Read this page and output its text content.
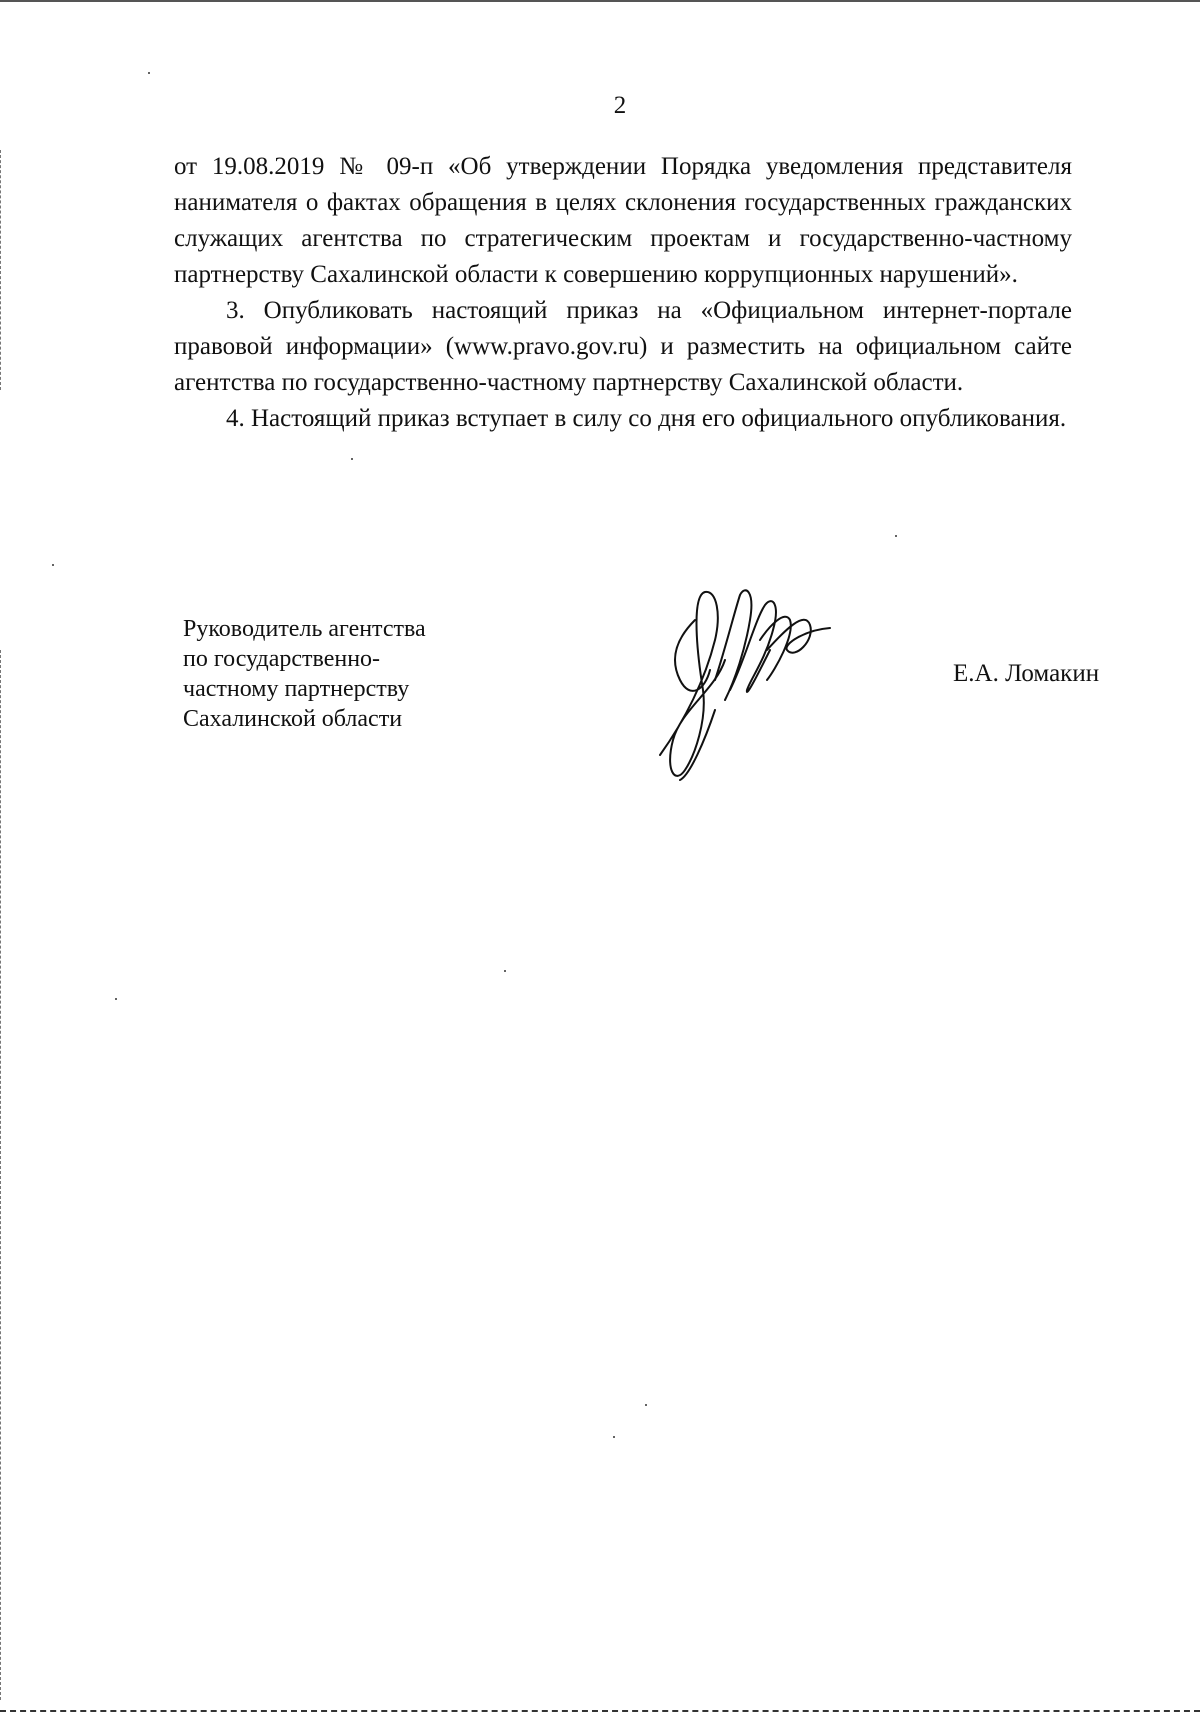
2

от 19.08.2019 № 09-п «Об утверждении Порядка уведомления представителя нанимателя о фактах обращения в целях склонения государственных гражданских служащих агентства по стратегическим проектам и государственно-частному партнерству Сахалинской области к совершению коррупционных нарушений».

3. Опубликовать настоящий приказ на «Официальном интернет-портале правовой информации» (www.pravo.gov.ru) и разместить на официальном сайте агентства по государственно-частному партнерству Сахалинской области.

4. Настоящий приказ вступает в силу со дня его официального опубликования.

Руководитель агентства
по государственно-
частному партнерству
Сахалинской области
Е.А. Ломакин
